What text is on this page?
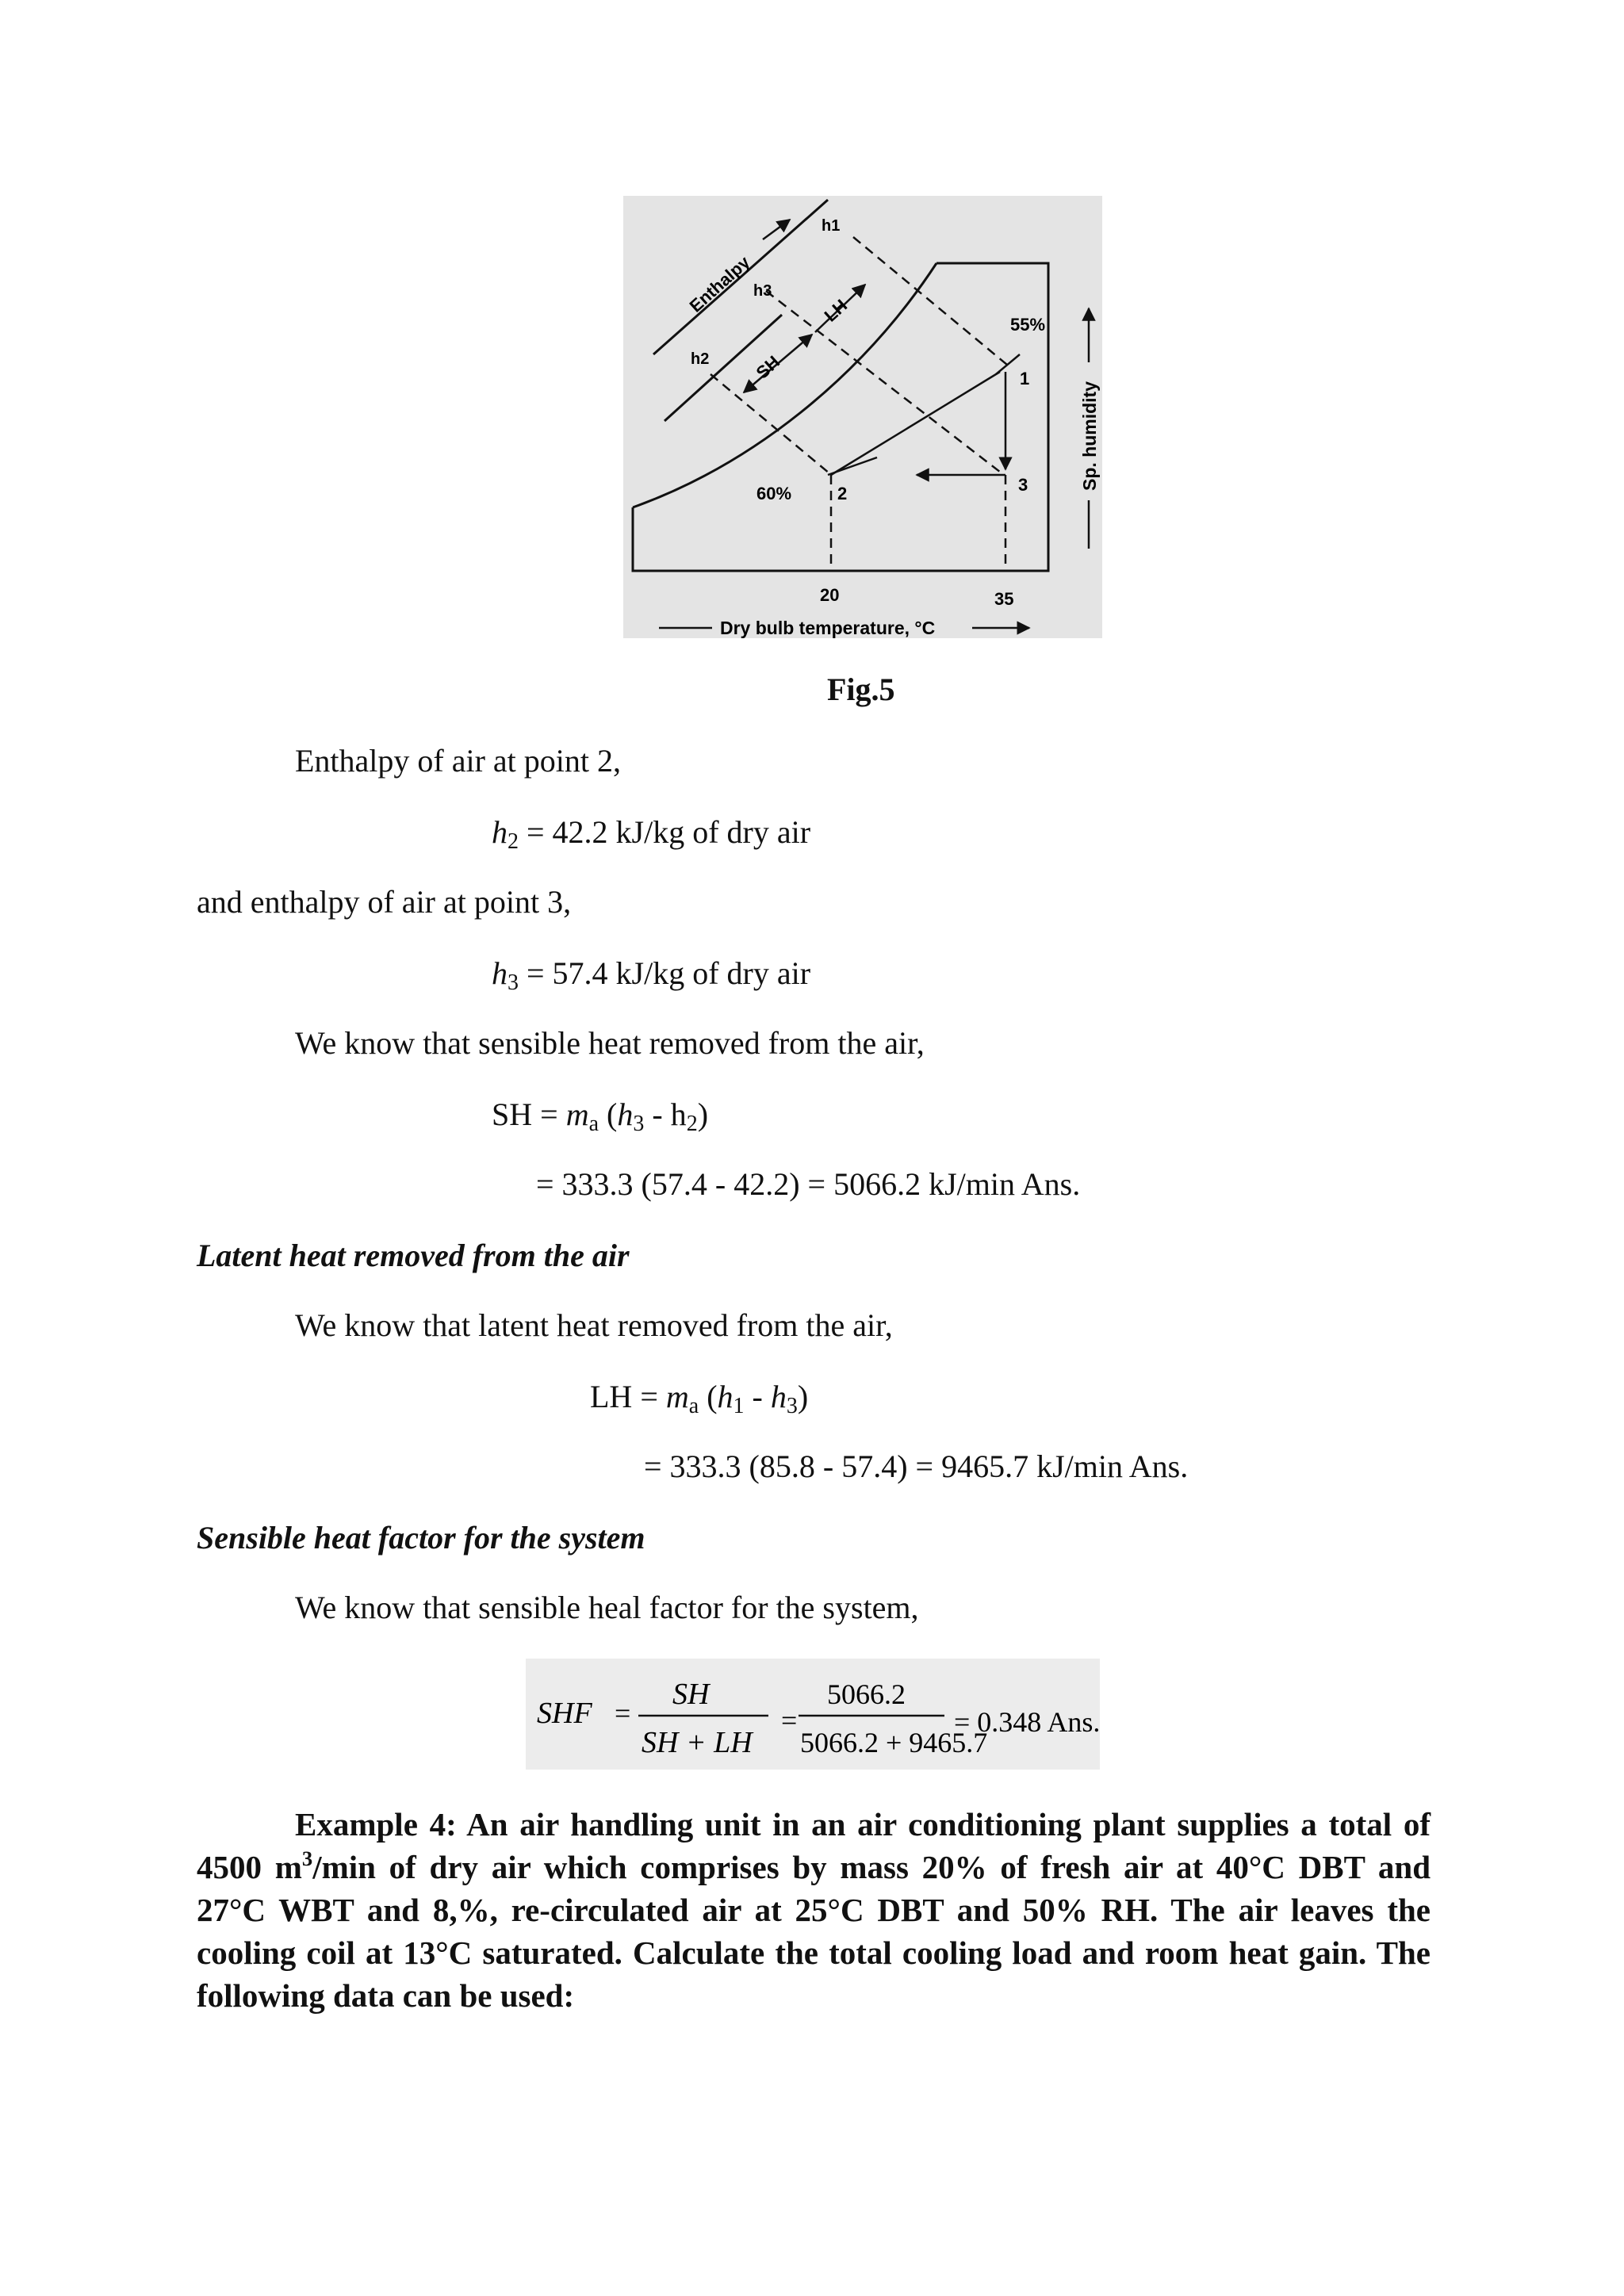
h1
h3
h2
Enthalpy
SH
LH	55%
60%
1
2	3
20	35
Dry bulb temperature, °C
Sp. humidity
Fig.5
Enthalpy of air at point 2,
$h_2 = 42.2$ kJ/kg of dry air
and enthalpy of air at point 3,
$h_3 = 57.4$ kJ/kg of dry air
We know that sensible heat removed from the air,
SH = $m_a$ $(h_3 - h_2)$
= 333.3 (57.4 - 42.2) = 5066.2 kJ/min Ans.
Latent heat removed from the air
We know that latent heat removed from the air,
LH = $m_a$ $(h_1 - h_3)$
= 333.3 (85.8 - 57.4) = 9465.7 kJ/min Ans.
Sensible heat factor for the system
We know that sensible heal factor for the system,
SHF =
SH
SH + LH
=
5066.2
5066.2 + 9465.7
= 0.348 Ans.
Example 4: An air handling unit in an air conditioning plant supplies a total of
4500 $m^3/\min$ of dry air which comprises by mass 20% of fresh air at 40°C DBT and
27°C WBT and 8,%, re-circulated air at 25°C DBT and 50% RH. The air leaves the
cooling coil at 13°C saturated. Calculate the total cooling load and room heat gain. The
following data can be used:
